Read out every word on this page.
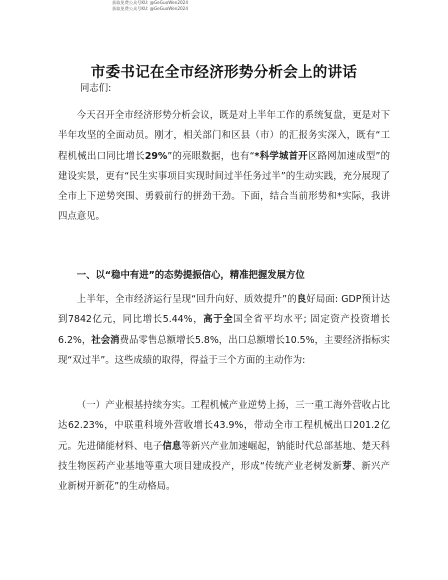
获取免费公众号KU: @GeGuoWen2024
获取免费公众号KU: @GeGuoWen2024
市委书记在全市经济形势分析会上的讲话
同志们:

今天召开全市经济形势分析会议，既是对上半年工作的系统复盘，更是对下半年攻坚的全面动员。刚才，相关部门和区县（市）的汇报务实深入，既有“工程机械出口同比增长29%”的亮眼数据，也有“*科学城首开区路网加速成型”的建设实景，更有“民生实事项目实现时间过半任务过半”的生动实践，充分展现了全市上下逆势突围、勇毅前行的拼劲干劲。下面，结合当前形势和*实际，我讲四点意见。

一、以“稳中有进”的态势提振信心，精准把握发展方位

上半年，全市经济运行呈现“回升向好、质效提升”的良好局面: GDP预计达到7842亿元，同比增长5.44%，高于全国全省平均水平; 固定资产投资增长6.2%，社会消费品零售总额增长5.8%，出口总额增长10.5%，主要经济指标实现“双过半”。这些成绩的取得，得益于三个方面的主动作为:

（一）产业根基持续夯实。工程机械产业逆势上扬，三一重工海外营收占比达62.23%，中联重科境外营收增长43.9%，带动全市工程机械出口201.2亿元。先进储能材料、电子信息等新兴产业加速崛起，钠能时代总部基地、楚天科技生物医药产业基地等重大项目建成投产，形成“传统产业老树发新芽、新兴产业新树开新花”的生动格局。
